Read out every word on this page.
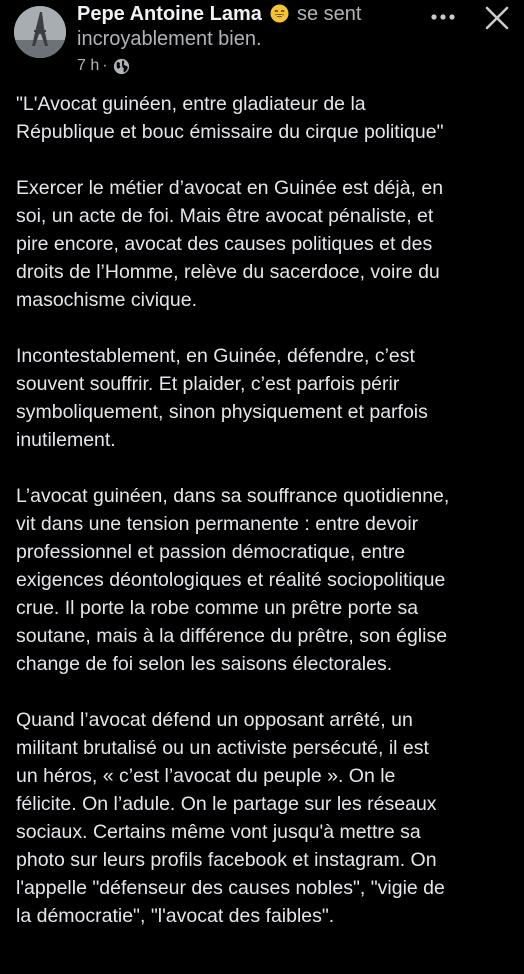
Pepe Antoine Lama se sent incroyablement bien.
7 h ·

"L'Avocat guinéen, entre gladiateur de la
République et bouc émissaire du cirque politique"

Exercer le métier d’avocat en Guinée est déjà, en
soi, un acte de foi. Mais être avocat pénaliste, et
pire encore, avocat des causes politiques et des
droits de l’Homme, relève du sacerdoce, voire du
masochisme civique.

Incontestablement, en Guinée, défendre, c’est
souvent souffrir. Et plaider, c’est parfois périr
symboliquement, sinon physiquement et parfois
inutilement.

L’avocat guinéen, dans sa souffrance quotidienne,
vit dans une tension permanente : entre devoir
professionnel et passion démocratique, entre
exigences déontologiques et réalité sociopolitique
crue. Il porte la robe comme un prêtre porte sa
soutane, mais à la différence du prêtre, son église
change de foi selon les saisons électorales.

Quand l’avocat défend un opposant arrêté, un
militant brutalisé ou un activiste persécuté, il est
un héros, « c’est l’avocat du peuple ». On le
félicite. On l’adule. On le partage sur les réseaux
sociaux. Certains même vont jusqu'à mettre sa
photo sur leurs profils facebook et instagram. On
l'appelle "défenseur des causes nobles", "vigie de
la démocratie", "l'avocat des faibles".
